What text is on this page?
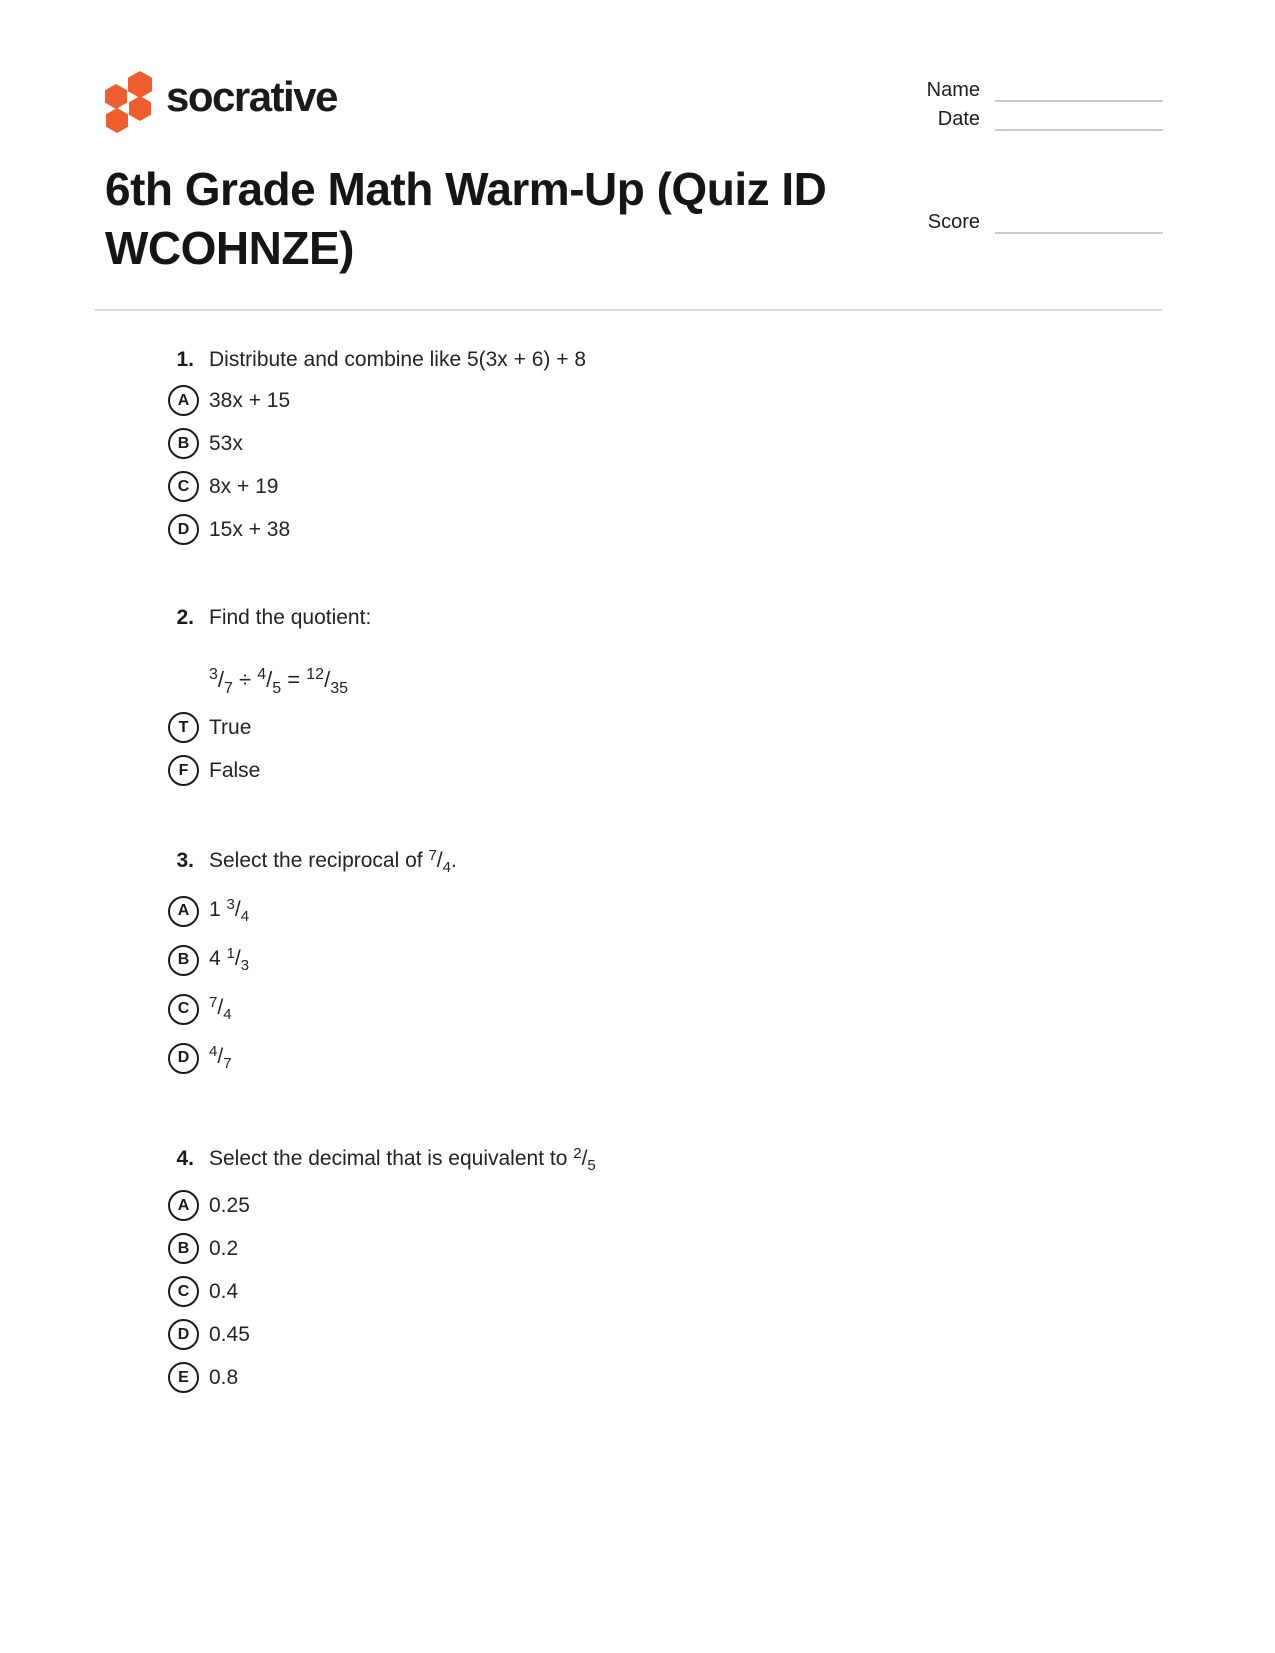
socrative	Name
Date
Score
6th Grade Math Warm-Up (Quiz ID WCOHNZE)
1. Distribute and combine like 5(3x + 6) + 8
A 38x + 15
B 53x
C 8x + 19
D 15x + 38
2. Find the quotient:
$^3/_7 \div ^4/_5 = ^{12}/_{35}$
T True
F False
3. Select the reciprocal of $^7/_4$.
A 1 $^3/_4$
B 4 $^1/_3$
C	$^7/_4$
D	$^4/_7$
4. Select the decimal that is equivalent to $^2/_5$
A 0.25
B 0.2
C 0.4
D 0.45
E 0.8
